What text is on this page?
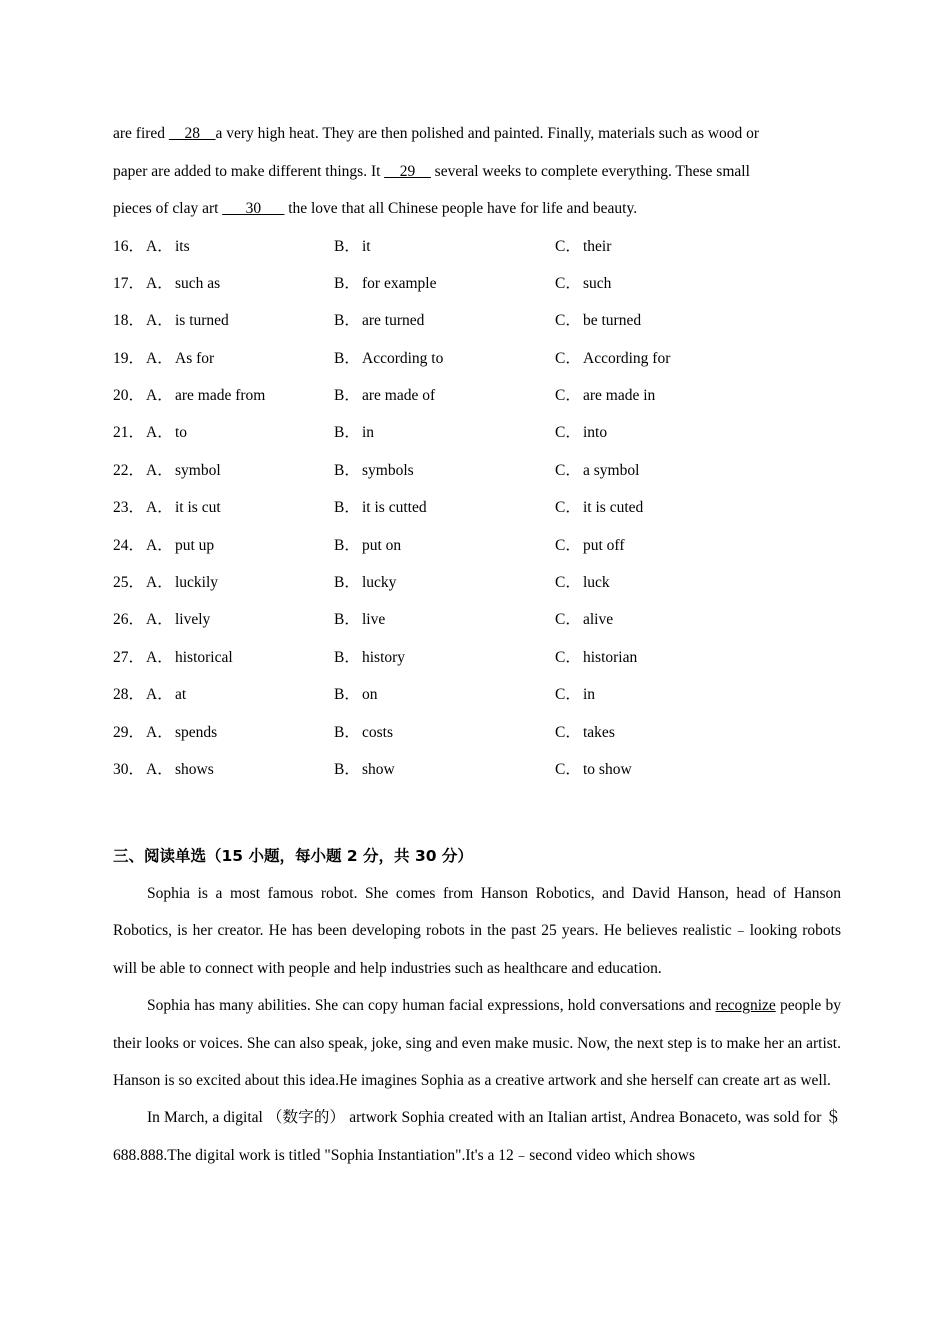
are fired __28__a very high heat. They are then polished and painted. Finally, materials such as wood or
paper are added to make different things. It __29__ several weeks to complete everything. These small
pieces of clay art ___30___ the love that all Chinese people have for life and beauty.
16． A． its	B． it	C． their
17． A． such as	B． for example	C． such
18． A． is turned	B． are turned	C． be turned
19． A． As for	B． According to	C． According for
20． A． are made from	B． are made of	C． are made in
21． A． to	B． in	C． into
22． A． symbol	B． symbols	C． a symbol
23． A． it is cut	B． it is cutted	C． it is cuted
24． A． put up	B． put on	C． put off
25． A． luckily	B． lucky	C． luck
26． A． lively	B． live	C． alive
27． A． historical	B． history	C． historian
28． A． at	B． on	C． in
29． A． spends	B． costs	C． takes
30． A． shows	B． show	C． to show
三、阅读单选（15 小题，每小题 2 分，共 30 分）

Sophia is a most famous robot. She comes from Hanson Robotics, and David Hanson, head of Hanson Robotics, is her creator. He has been developing robots in the past 25 years. He believes realistic﹣looking robots will be able to connect with people and help industries such as healthcare and education.

Sophia has many abilities. She can copy human facial expressions, hold conversations and recognize people by their looks or voices. She can also speak, joke, sing and even make music. Now, the next step is to make her an artist. Hanson is so excited about this idea.He imagines Sophia as a creative artwork and she herself can create art as well.

In March, a digital （数字的） artwork Sophia created with an Italian artist, Andrea Bonaceto, was sold for ＄ 688.888.The digital work is titled "Sophia Instantiation".It's a 12﹣second video which shows
